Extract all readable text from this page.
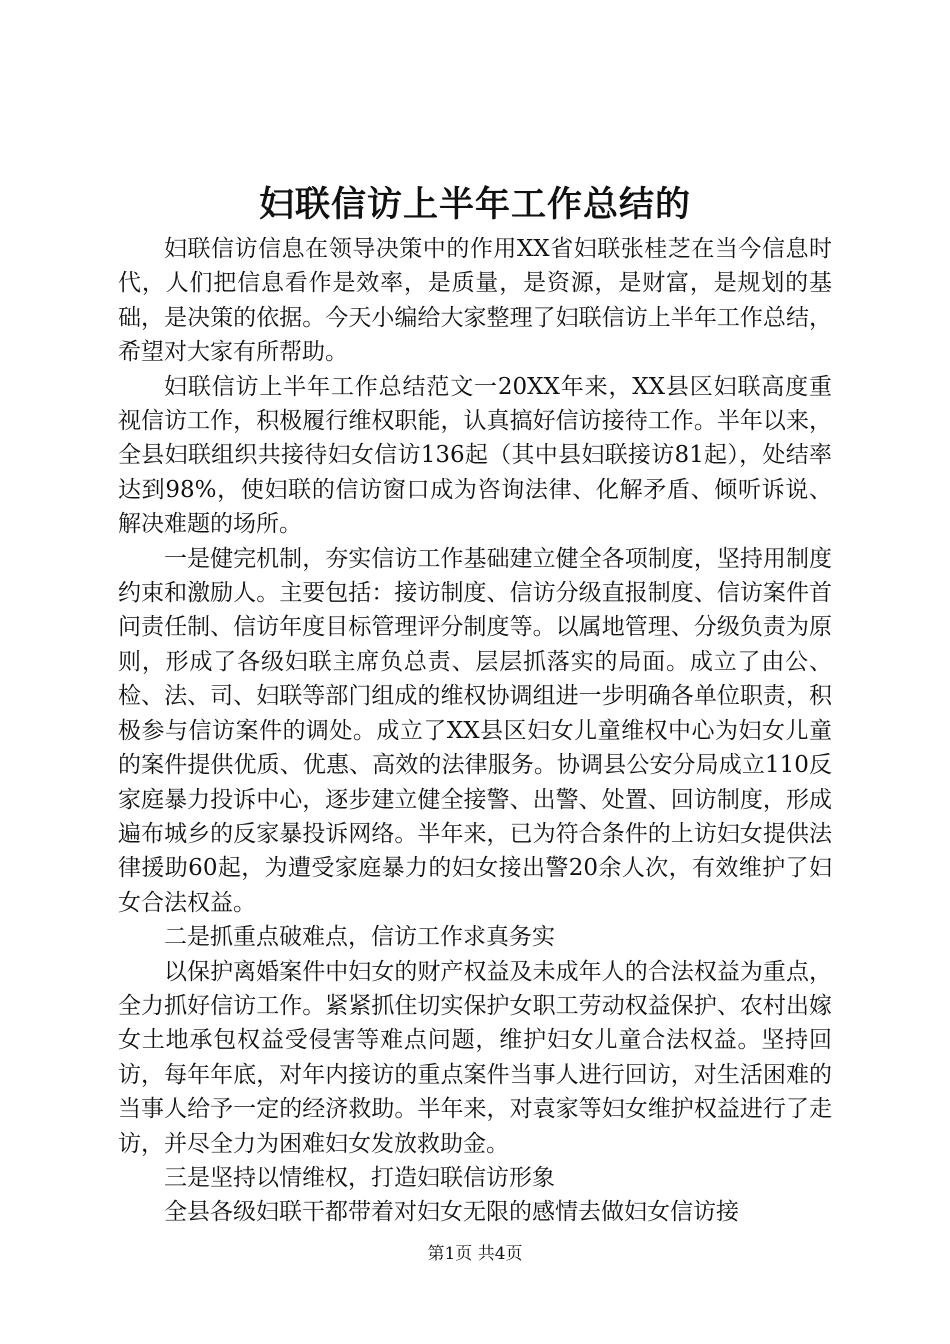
妇联信访上半年工作总结的

妇联信访信息在领导决策中的作用XX省妇联张桂芝在当今信息时代，人们把信息看作是效率，是质量，是资源，是财富，是规划的基础，是决策的依据。今天小编给大家整理了妇联信访上半年工作总结，希望对大家有所帮助。

妇联信访上半年工作总结范文一20XX年来，XX县区妇联高度重视信访工作，积极履行维权职能，认真搞好信访接待工作。半年以来，全县妇联组织共接待妇女信访136起（其中县妇联接访81起），处结率达到98%，使妇联的信访窗口成为咨询法律、化解矛盾、倾听诉说、解决难题的场所。

一是健完机制，夯实信访工作基础建立健全各项制度，坚持用制度约束和激励人。主要包括：接访制度、信访分级直报制度、信访案件首问责任制、信访年度目标管理评分制度等。以属地管理、分级负责为原则，形成了各级妇联主席负总责、层层抓落实的局面。成立了由公、检、法、司、妇联等部门组成的维权协调组进一步明确各单位职责，积极参与信访案件的调处。成立了XX县区妇女儿童维权中心为妇女儿童的案件提供优质、优惠、高效的法律服务。协调县公安分局成立110反家庭暴力投诉中心，逐步建立健全接警、出警、处置、回访制度，形成遍布城乡的反家暴投诉网络。半年来，已为符合条件的上访妇女提供法律援助60起，为遭受家庭暴力的妇女接出警20余人次，有效维护了妇女合法权益。

二是抓重点破难点，信访工作求真务实

以保护离婚案件中妇女的财产权益及未成年人的合法权益为重点，全力抓好信访工作。紧紧抓住切实保护女职工劳动权益保护、农村出嫁女土地承包权益受侵害等难点问题，维护妇女儿童合法权益。坚持回访，每年年底，对年内接访的重点案件当事人进行回访，对生活困难的当事人给予一定的经济救助。半年来，对袁家等妇女维护权益进行了走访，并尽全力为困难妇女发放救助金。

三是坚持以情维权，打造妇联信访形象

全县各级妇联干都带着对妇女无限的感情去做妇女信访接

第1页 共4页
